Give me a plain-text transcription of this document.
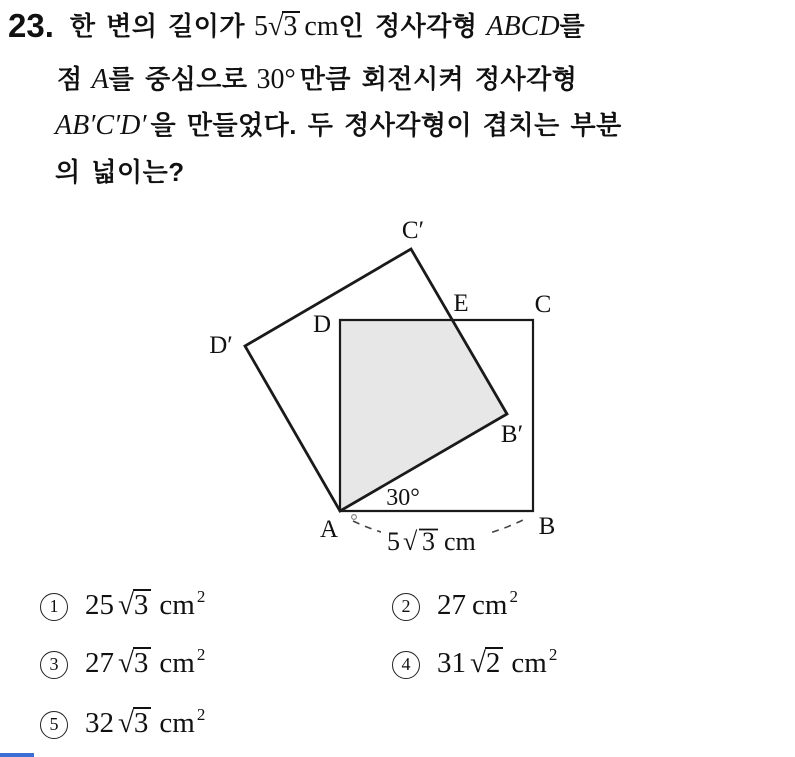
23. 한 변의 길이가 5√3 cm인 정사각형 ABCD를
점 A를 중심으로 30° 만큼 회전시켜 정사각형
AB′C′D′ 을 만들었다. 두 정사각형이 겹치는 부분
의 넓이는?
5 √ 3 cm
30°
A	B
C
D
E
B′
C′
D′
1 25 √3 cm $^2$	2 27 cm $^2$
3 27 √3 cm $^2$	4 31 √2 cm $^2$
5 32 √3 cm $^2$
